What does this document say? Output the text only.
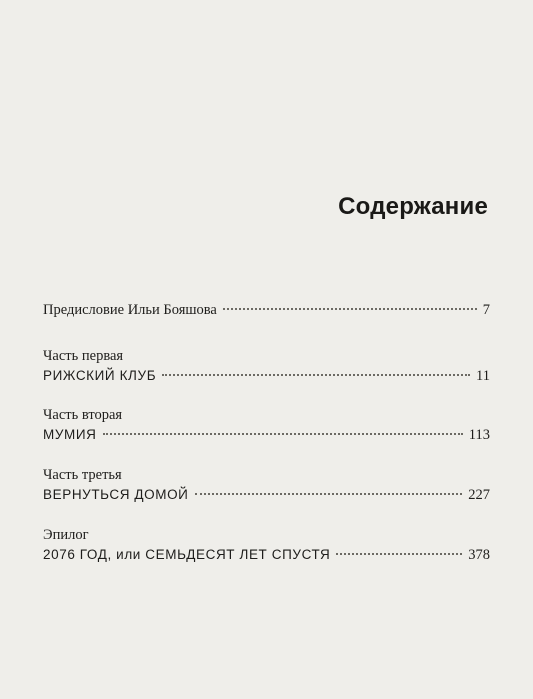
Содержание
Предисловие Ильи Бояшова	7
Часть первая
РИЖСКИЙ КЛУБ	11
Часть вторая
МУМИЯ	113
Часть третья
ВЕРНУТЬСЯ ДОМОЙ	227
Эпилог
2076 ГОД, или СЕМЬДЕСЯТ ЛЕТ СПУСТЯ	378
